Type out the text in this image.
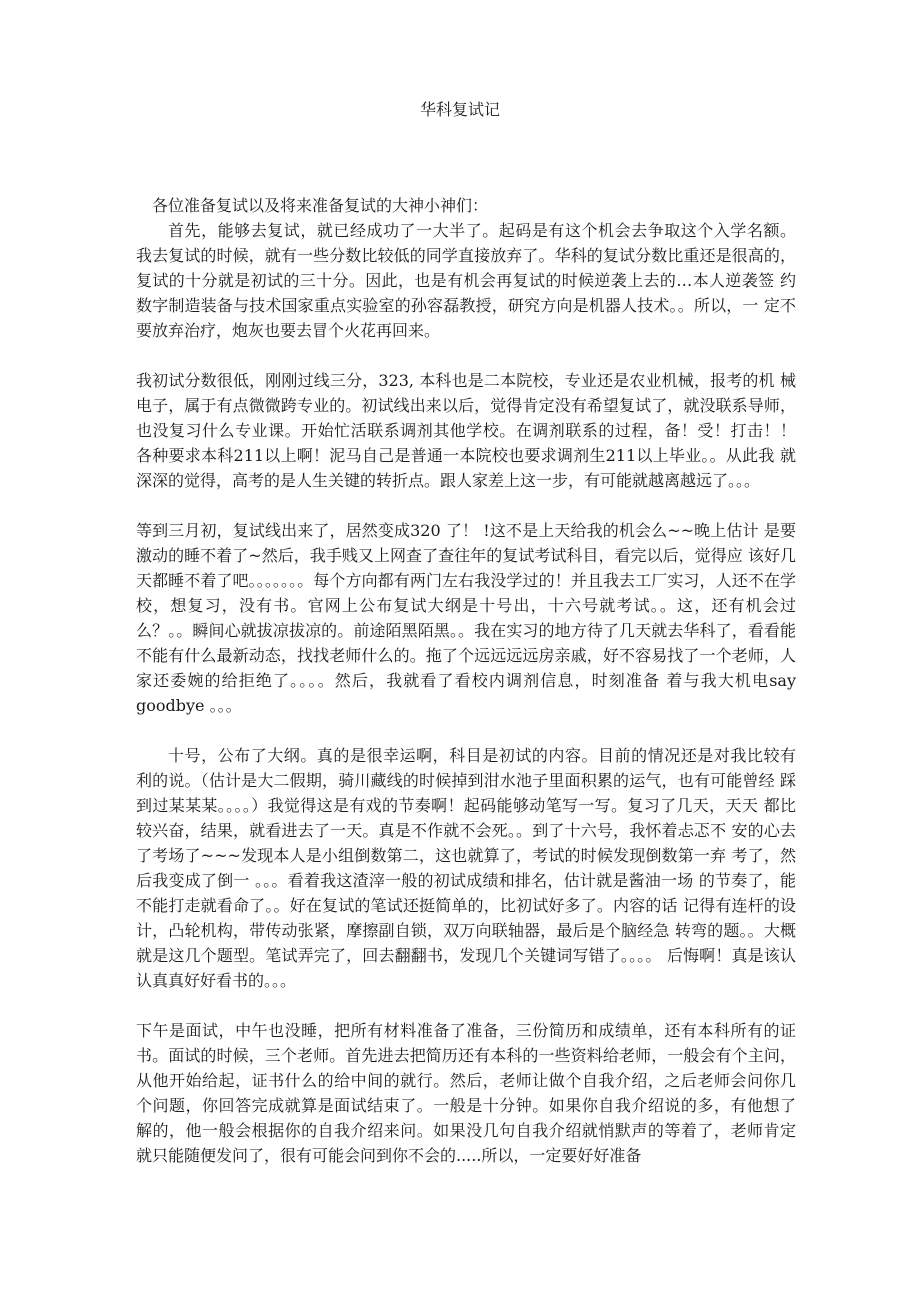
华科复试记

各位准备复试以及将来准备复试的大神小神们：

首先，能够去复试，就已经成功了一大半了。起码是有这个机会去争取这个入学名额。 我去复试的时候，就有一些分数比较低的同学直接放弃了。华科的复试分数比重还是很高的， 复试的十分就是初试的三十分。因此，也是有机会再复试的时候逆袭上去的…本人逆袭签 约数字制造装备与技术国家重点实验室的孙容磊教授，研究方向是机器人技术。。所以，一 定不要放弃治疗，炮灰也要去冒个火花再回来。

我初试分数很低，刚刚过线三分，323, 本科也是二本院校，专业还是农业机械，报考的机 械电子，属于有点微微跨专业的。初试线出来以后，觉得肯定没有希望复试了，就没联系导师，也没复习什么专业课。开始忙活联系调剂其他学校。在调剂联系的过程，备！受！打击！！ 各种要求本科211以上啊！泥马自己是普通一本院校也要求调剂生211以上毕业。。从此我 就深深的觉得，高考的是人生关键的转折点。跟人家差上这一步，有可能就越离越远了。。。

等到三月初，复试线出来了，居然变成320 了！ !这不是上天给我的机会么~~晚上估计 是要激动的睡不着了~然后，我手贱又上网查了查往年的复试考试科目，看完以后，觉得应 该好几天都睡不着了吧。。。。。。。每个方向都有两门左右我没学过的！并且我去工厂实习，人还不在学校，想复习，没有书。官网上公布复试大纲是十号出，十六号就考试。。这，还有机会过么？。。瞬间心就拔凉拔凉的。前途陌黑陌黑。。我在实习的地方待了几天就去华科了，看看能不能有什么最新动态，找找老师什么的。拖了个远远远远房亲戚，好不容易找了一个老师，人家还委婉的给拒绝了。。。。然后，我就看了看校内调剂信息，时刻准备 着与我大机电say goodbye 。。。

十号，公布了大纲。真的是很幸运啊，科目是初试的内容。目前的情况还是对我比较有 利的说。（估计是大二假期，骑川藏线的时候掉到泔水池子里面积累的运气，也有可能曾经 踩到过某某某。。。。）我觉得这是有戏的节奏啊！起码能够动笔写一写。复习了几天，天天 都比较兴奋，结果，就看进去了一天。真是不作就不会死。。到了十六号，我怀着忐忑不 安的心去了考场了~~~发现本人是小组倒数第二，这也就算了，考试的时候发现倒数第一弃 考了，然后我变成了倒一 。。。看着我这渣滓一般的初试成绩和排名，估计就是酱油一场 的节奏了，能不能打走就看命了。。好在复试的笔试还挺简单的，比初试好多了。内容的话 记得有连杆的设计，凸轮机构，带传动张紧，摩擦副自锁，双万向联轴器，最后是个脑经急 转弯的题。。大概就是这几个题型。笔试弄完了，回去翻翻书，发现几个关键词写错了。。。。 后悔啊！真是该认认真真好好看书的。。。

下午是面试，中午也没睡，把所有材料准备了准备，三份简历和成绩单，还有本科所有的证 书。面试的时候，三个老师。首先进去把简历还有本科的一些资料给老师，一般会有个主问， 从他开始给起，证书什么的给中间的就行。然后，老师让做个自我介绍，之后老师会问你几 个问题，你回答完成就算是面试结束了。一般是十分钟。如果你自我介绍说的多，有他想了 解的，他一般会根据你的自我介绍来问。如果没几句自我介绍就悄默声的等着了，老师肯定 就只能随便发问了，很有可能会问到你不会的.....所以，一定要好好准备
